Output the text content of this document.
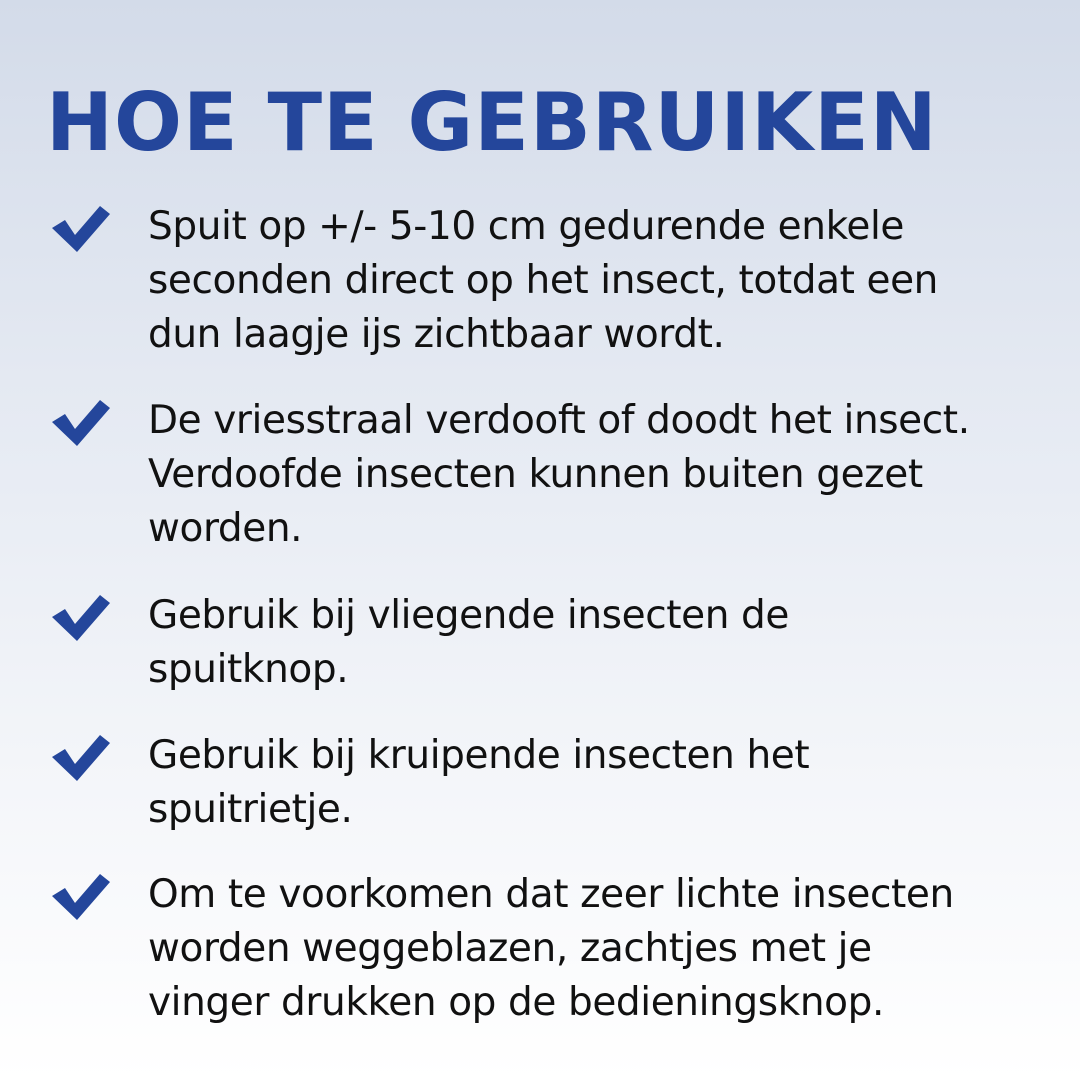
HOE TE GEBRUIKEN

Spuit op +/- 5-10 cm gedurende enkele
seconden direct op het insect, totdat een
dun laagje ijs zichtbaar wordt.

De vriesstraal verdooft of doodt het insect.
Verdoofde insecten kunnen buiten gezet
worden.

Gebruik bij vliegende insecten de
spuitknop.

Gebruik bij kruipende insecten het
spuitrietje.

Om te voorkomen dat zeer lichte insecten
worden weggeblazen, zachtjes met je
vinger drukken op de bedieningsknop.
